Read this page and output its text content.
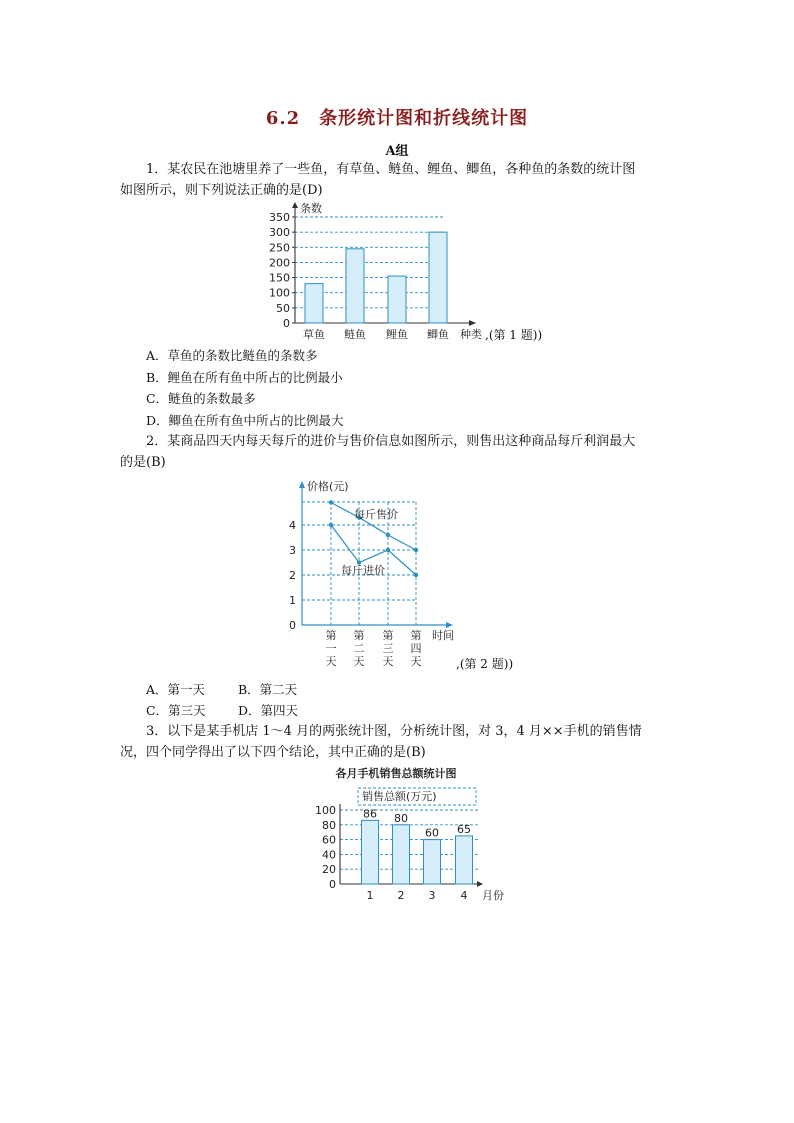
6.2　条形统计图和折线统计图
A组
1．某农民在池塘里养了一些鱼，有草鱼、鲢鱼、鲤鱼、鲫鱼，各种鱼的条数的统计图
如图所示，则下列说法正确的是(D)
0
50
100
150
200
250
300
350
条数
种类
草鱼 鲢鱼 鲤鱼 鲫鱼	,(第 1 题))
A．草鱼的条数比鲢鱼的条数多
B．鲤鱼在所有鱼中所占的比例最小
C．鲢鱼的条数最多
D．鲫鱼在所有鱼中所占的比例最大
2．某商品四天内每天每斤的进价与售价信息如图所示，则售出这种商品每斤利润最大
的是(B)
0
1
2
3
4
价格(元)
时间
第
一
天
第
二
天
第
三
天
第
四
天
每斤售价
每斤进价
,(第 2 题))
A．第一天	B．第二天
C．第三天	D．第四天
3．以下是某手机店 1～4 月的两张统计图，分析统计图，对 3，4 月××手机的销售情
况，四个同学得出了以下四个结论，其中正确的是(B)
各月手机销售总额统计图
销售总额(万元)
0
20
40
60
80
100
月份
86
1
80
2
60
3
65
4
